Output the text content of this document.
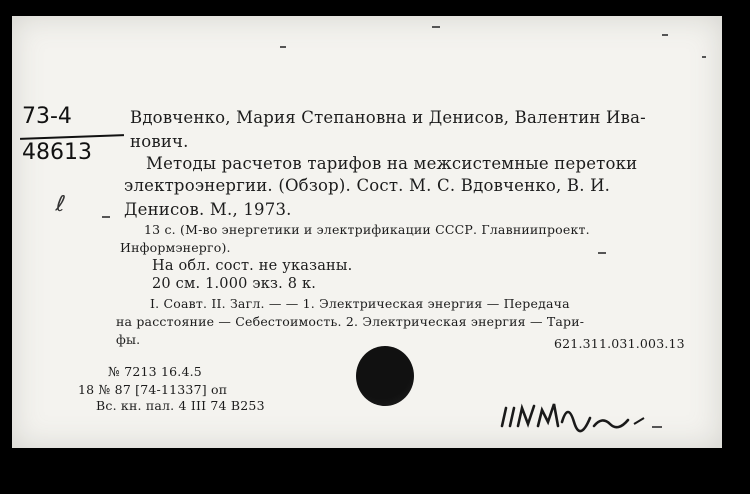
73-4
48613
ℓ

Вдовченко, Мария Степановна и Денисов, Валентин Ива-

нович.

Методы расчетов тарифов на межсистемные перетоки

электроэнергии. (Обзор). Сост. М. С. Вдовченко, В. И.

Денисов. М., 1973.

13 с. (М-во энергетики и электрификации СССР. Главниипроект.

Информэнерго).

На обл. сост. не указаны.

20 см. 1.000 экз. 8 к.

I. Соавт. II. Загл. — — 1. Электрическая энергия — Передача

на расстояние — Себестоимость. 2. Электрическая энергия — Тари-

фы.	621.311.031.003.13

№ 7213 16.4.5

18 № 87 [74-11337] оп

Вс. кн. пал. 4 III 74 В253
